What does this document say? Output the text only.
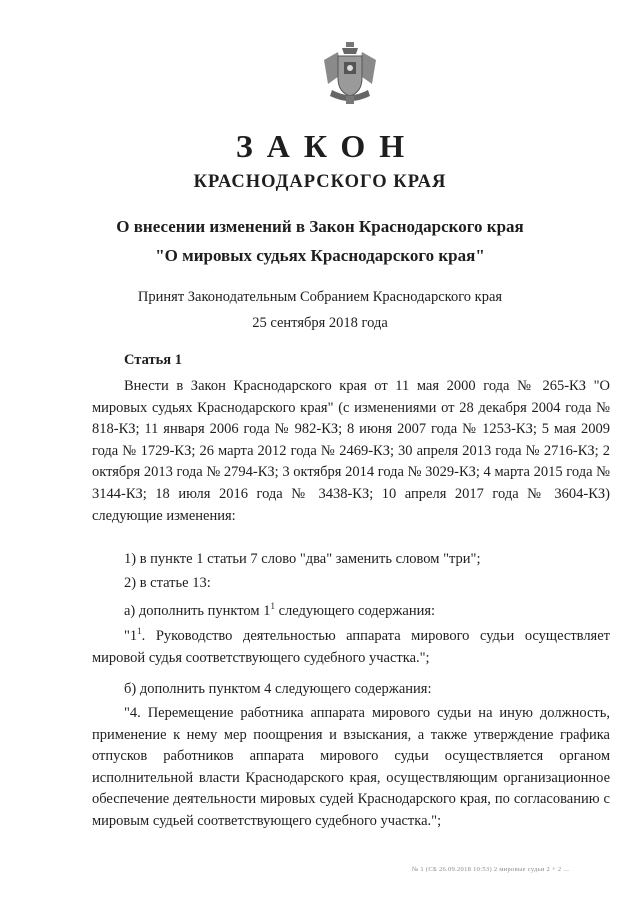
ЗАКОН
КРАСНОДАРСКОГО КРАЯ
О внесении изменений в Закон Краснодарского края
"О мировых судьях Краснодарского края"
Принят Законодательным Собранием Краснодарского края
25 сентября 2018 года
Статья 1
Внести в Закон Краснодарского края от 11 мая 2000 года № 265-КЗ "О мировых судьях Краснодарского края" (с изменениями от 28 декабря 2004 года № 818-КЗ; 11 января 2006 года № 982-КЗ; 8 июня 2007 года № 1253-КЗ; 5 мая 2009 года № 1729-КЗ; 26 марта 2012 года № 2469-КЗ; 30 апреля 2013 года № 2716-КЗ; 2 октября 2013 года № 2794-КЗ; 3 октября 2014 года № 3029-КЗ; 4 марта 2015 года № 3144-КЗ; 18 июля 2016 года № 3438-КЗ; 10 апреля 2017 года № 3604-КЗ) следующие изменения:
1) в пункте 1 статьи 7 слово "два" заменить словом "три";
2) в статье 13:
а) дополнить пунктом $1^1$ следующего содержания:
"$1^1$. Руководство деятельностью аппарата мирового судьи осуществляет мировой судья соответствующего судебного участка.";
б) дополнить пунктом 4 следующего содержания:
"4. Перемещение работника аппарата мирового судьи на иную должность, применение к нему мер поощрения и взыскания, а также утверждение графика отпусков работников аппарата мирового судьи осуществляется органом исполнительной власти Краснодарского края, осуществляющим организационное обеспечение деятельности мировых судей Краснодарского края, по согласованию с мировым судьей соответствующего судебного участка.";
№ 1 (СБ 26.09.2018 10:53) 2 мировые судьи 2 + 2 ...
